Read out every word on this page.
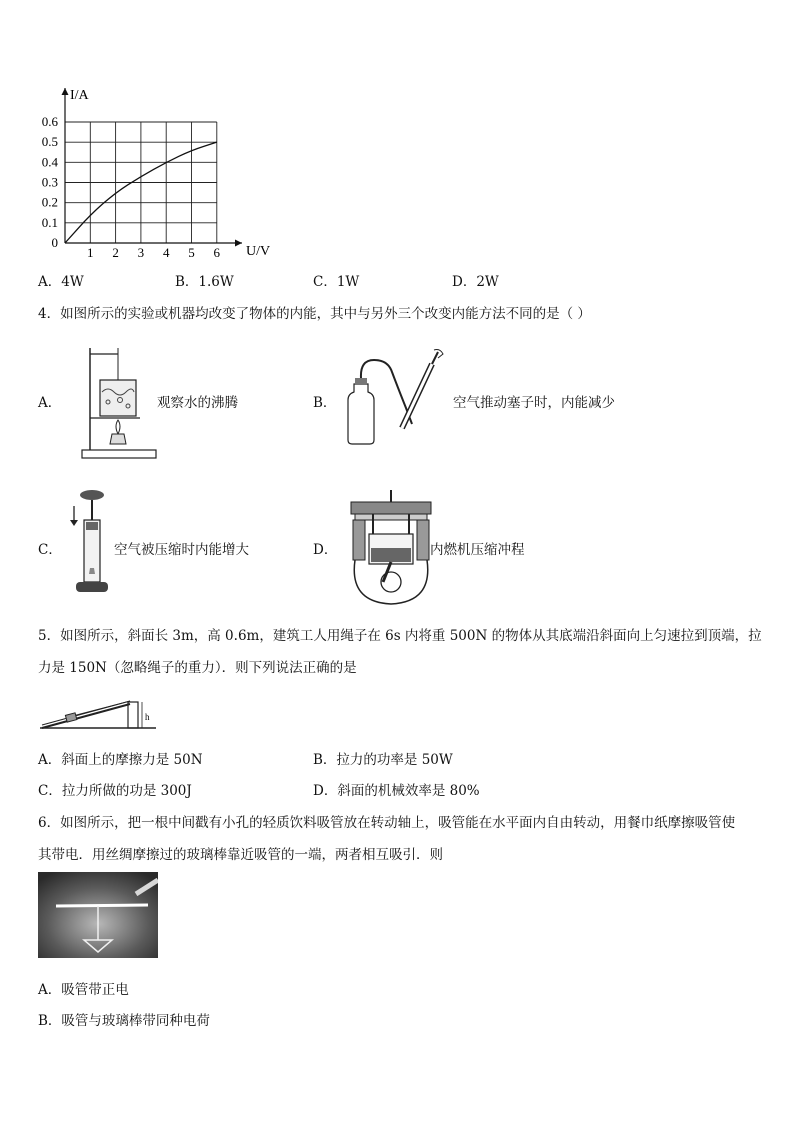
0.6
0.5
0.4
0.3
0.2
0.1
0
1 2 3 4 5 6
I/A
U/V
A．4W	B．1.6W	C．1W	D．2W
4．如图所示的实验或机器均改变了物体的内能，其中与另外三个改变内能方法不同的是（ ）
A．	观察水的沸腾	B．	空气推动塞子时，内能减少
C．	空气被压缩时内能增大	D．	内燃机压缩冲程
5．如图所示，斜面长 3m，高 0.6m，建筑工人用绳子在 6s 内将重 500N 的物体从其底端沿斜面向上匀速拉到顶端，拉
力是 150N（忽略绳子的重力）．则下列说法正确的是
h
A．斜面上的摩擦力是 50N	B．拉力的功率是 50W
C．拉力所做的功是 300J	D．斜面的机械效率是 80%
6．如图所示，把一根中间戳有小孔的轻质饮料吸管放在转动轴上，吸管能在水平面内自由转动，用餐巾纸摩擦吸管使
其带电．用丝绸摩擦过的玻璃棒靠近吸管的一端，两者相互吸引．则
A．吸管带正电
B．吸管与玻璃棒带同种电荷
